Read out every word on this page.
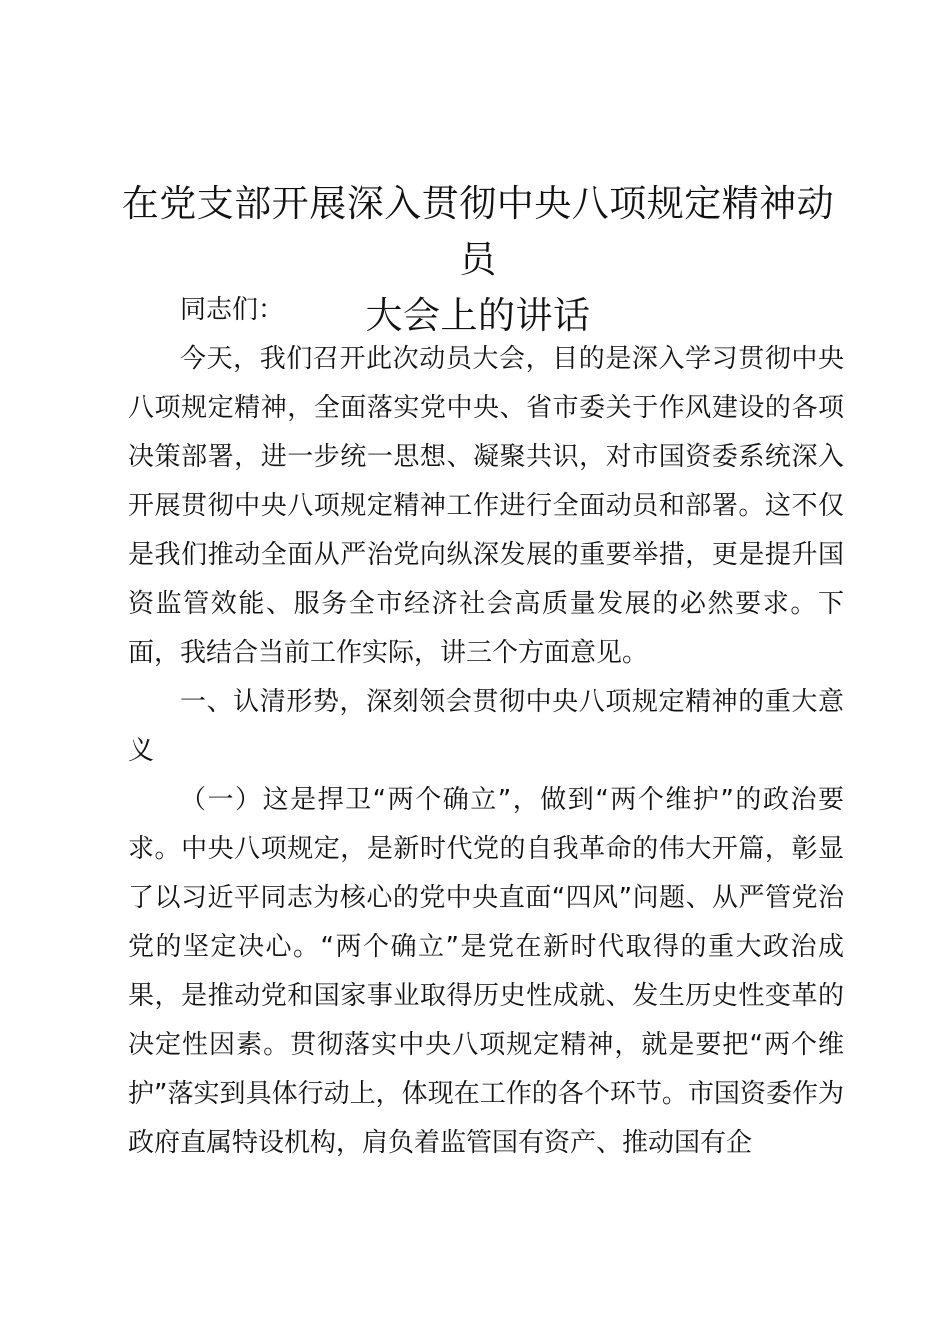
在党支部开展深入贯彻中央八项规定精神动员
大会上的讲话

同志们：

今天，我们召开此次动员大会，目的是深入学习贯彻中央八项规定精神，全面落实党中央、省市委关于作风建设的各项决策部署，进一步统一思想、凝聚共识，对市国资委系统深入开展贯彻中央八项规定精神工作进行全面动员和部署。这不仅是我们推动全面从严治党向纵深发展的重要举措，更是提升国资监管效能、服务全市经济社会高质量发展的必然要求。下面，我结合当前工作实际，讲三个方面意见。

一、认清形势，深刻领会贯彻中央八项规定精神的重大意义

（一）这是捍卫“两个确立”，做到“两个维护”的政治要求。中央八项规定，是新时代党的自我革命的伟大开篇，彰显了以习近平同志为核心的党中央直面“四风”问题、从严管党治党的坚定决心。“两个确立”是党在新时代取得的重大政治成果，是推动党和国家事业取得历史性成就、发生历史性变革的决定性因素。贯彻落实中央八项规定精神，就是要把“两个维护”落实到具体行动上，体现在工作的各个环节。市国资委作为政府直属特设机构，肩负着监管国有资产、推动国有企
